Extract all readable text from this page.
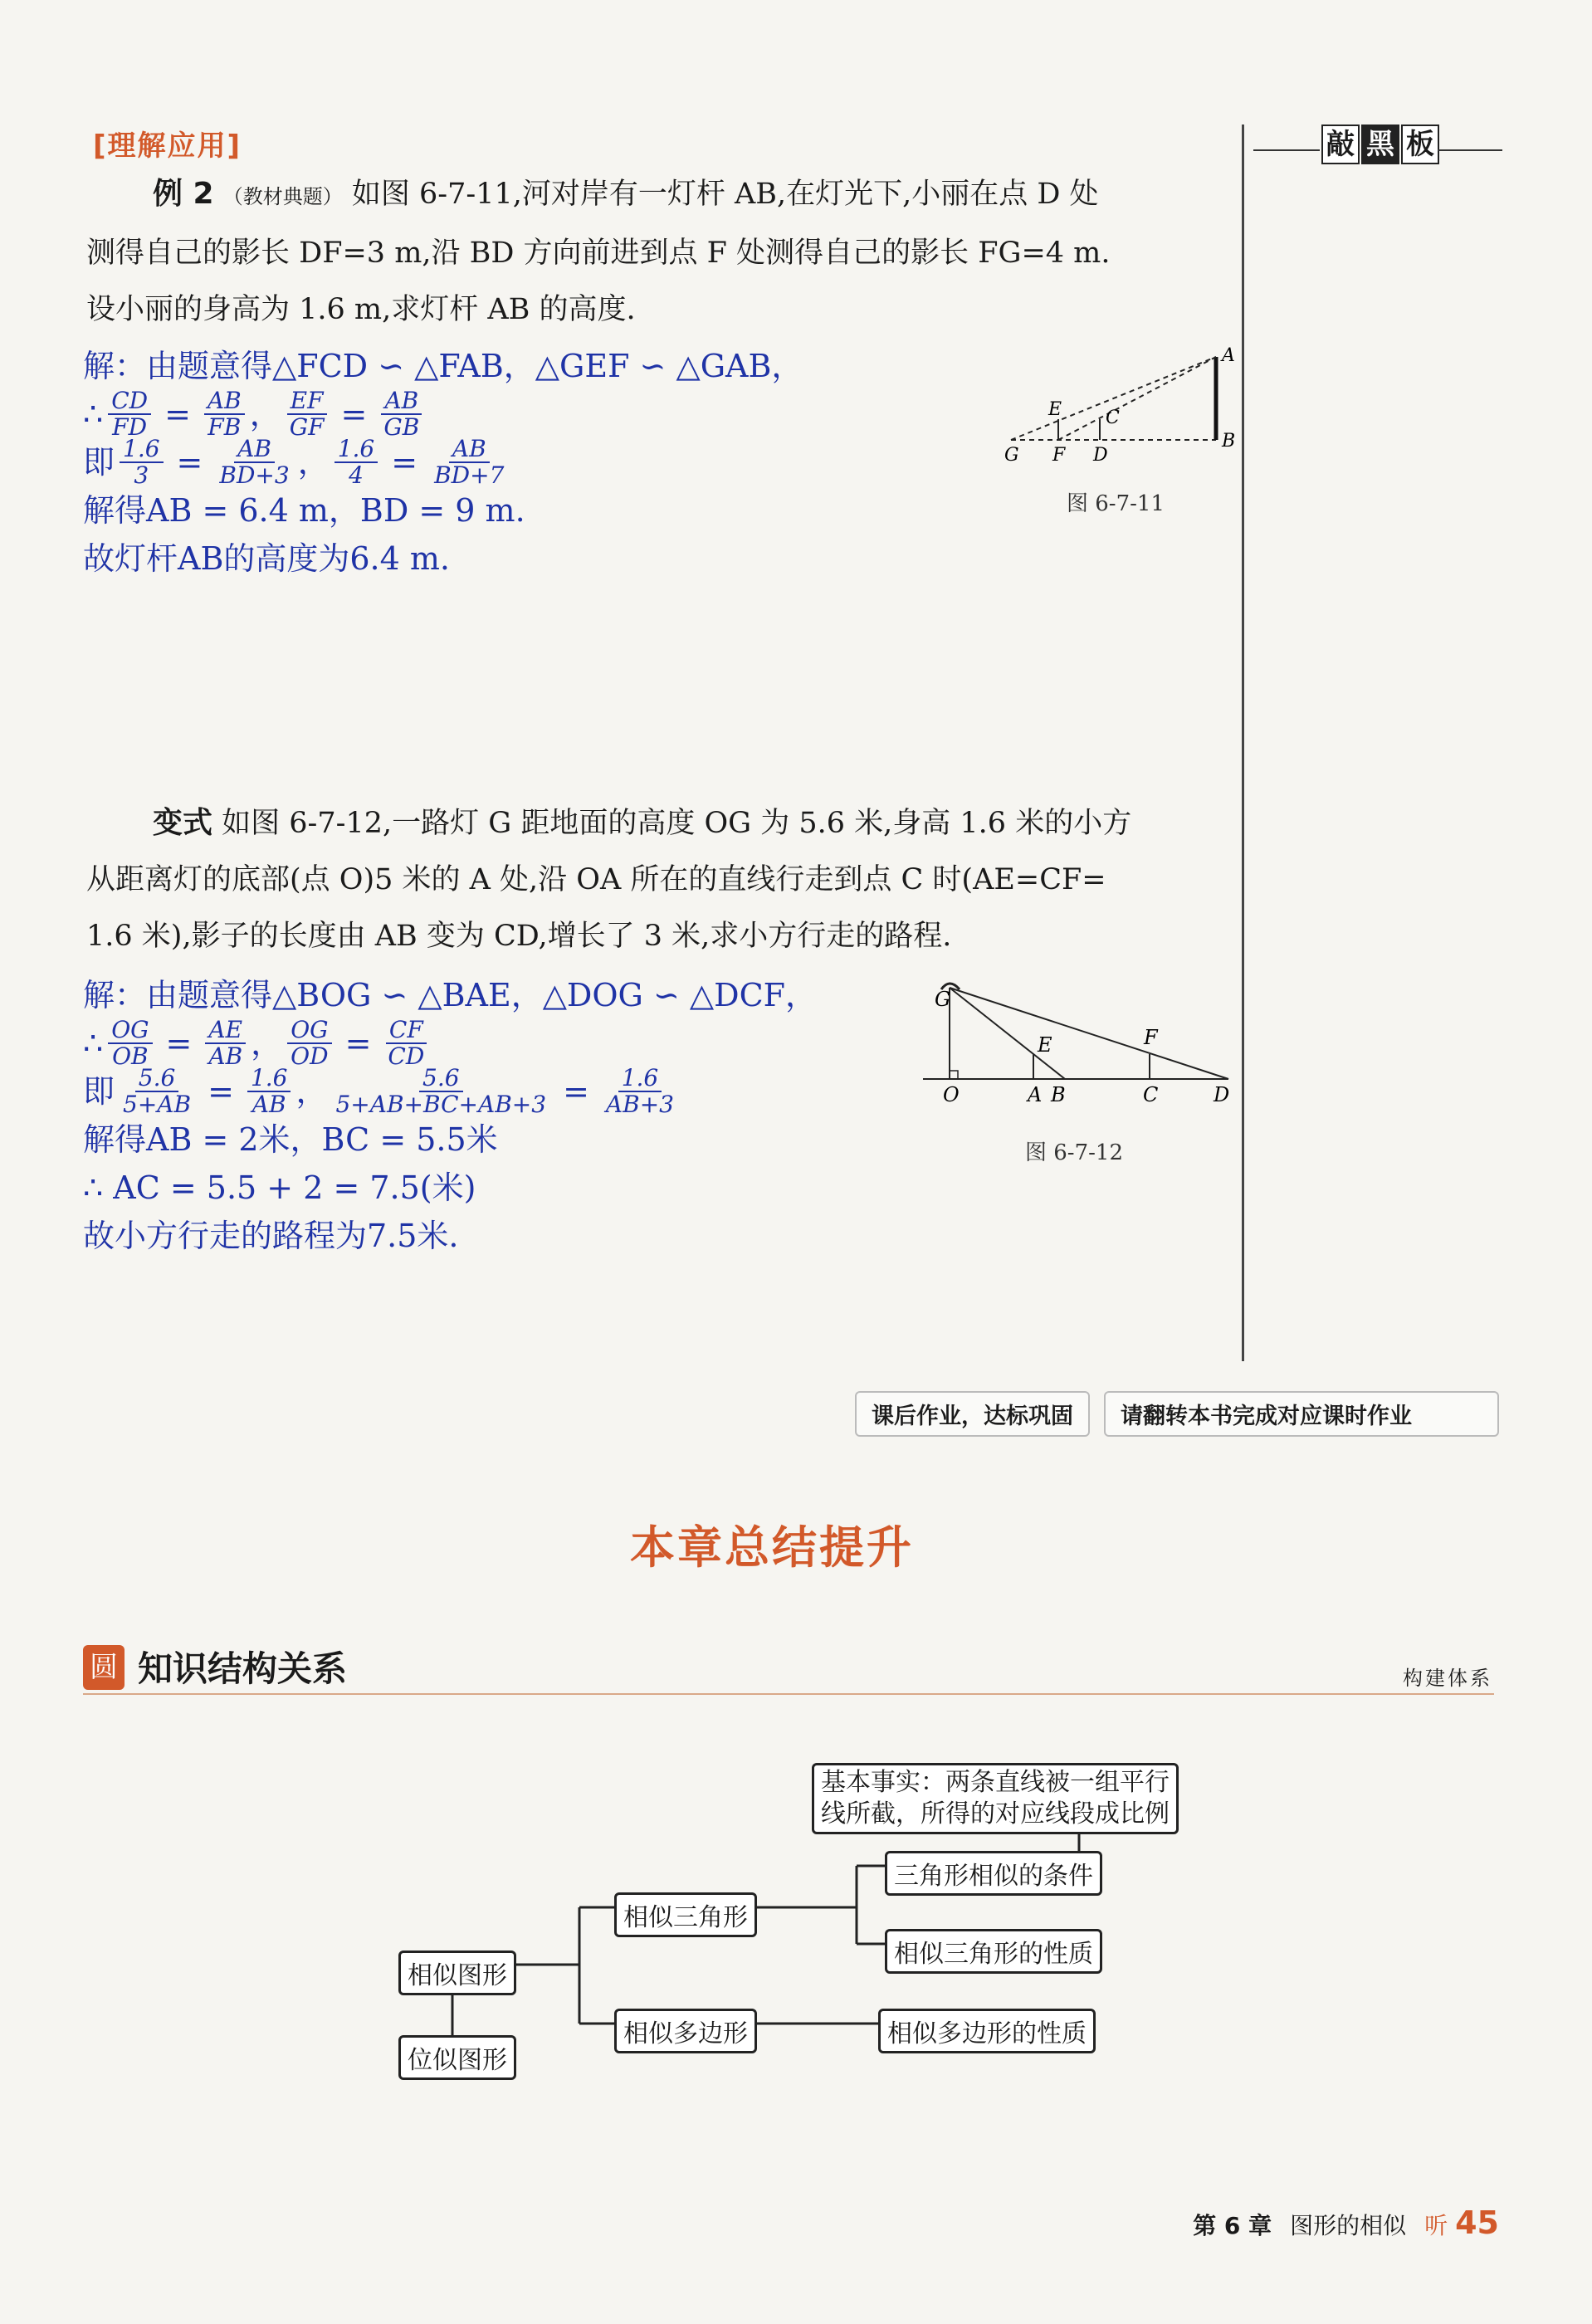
[理解应用]	敲 黑 板
例 2 （教材典题） 如图 6-7-11,河对岸有一灯杆 AB,在灯光下,小丽在点 D 处
测得自己的影长 DF=3 m,沿 BD 方向前进到点 F 处测得自己的影长 FG=4 m.
设小丽的身高为 1.6 m,求灯杆 AB 的高度.
解：由题意得△FCD ∽ △FAB，△GEF ∽ △GAB，
∴ $\frac{CD}{FD} = \frac{AB}{FB}$ ， $\frac{EF}{GF} = \frac{AB}{GB}$
即 $\frac{1.6}{3} = \frac{AB}{BD+3}$ ， $\frac{1.6}{4} = \frac{AB}{BD+7}$
解得AB = 6.4 m，BD = 9 m.
故灯杆AB的高度为6.4 m.
A
B
C
D
E
F
G
图 6-7-11
变式 如图 6-7-12,一路灯 G 距地面的高度 OG 为 5.6 米,身高 1.6 米的小方
从距离灯的底部(点 O)5 米的 A 处,沿 OA 所在的直线行走到点 C 时(AE=CF=
1.6 米),影子的长度由 AB 变为 CD,增长了 3 米,求小方行走的路程.
解：由题意得△BOG ∽ △BAE，△DOG ∽ △DCF，
∴ $\frac{OG}{OB} = \frac{AE}{AB}$ ， $\frac{OG}{OD} = \frac{CF}{CD}$
即 $\frac{5.6}{5+AB} = \frac{1.6}{AB}$ ， $\frac{5.6}{5+AB+BC+AB+3} = \frac{1.6}{AB+3}$
解得AB = 2米，BC = 5.5米
∴ AC = 5.5 + 2 = 7.5(米)
故小方行走的路程为7.5米.
G
O	A B	C	D
E	F
图 6-7-12
课后作业，达标巩固	请翻转本书完成对应课时作业
本章总结提升
圆 知识结构关系	构建体系
相似图形
位似图形
相似三角形
相似多边形
基本事实：两条直线被一组平行
线所截，所得的对应线段成比例
三角形相似的条件
相似三角形的性质
相似多边形的性质
第 6 章 图形的相似 听 45
